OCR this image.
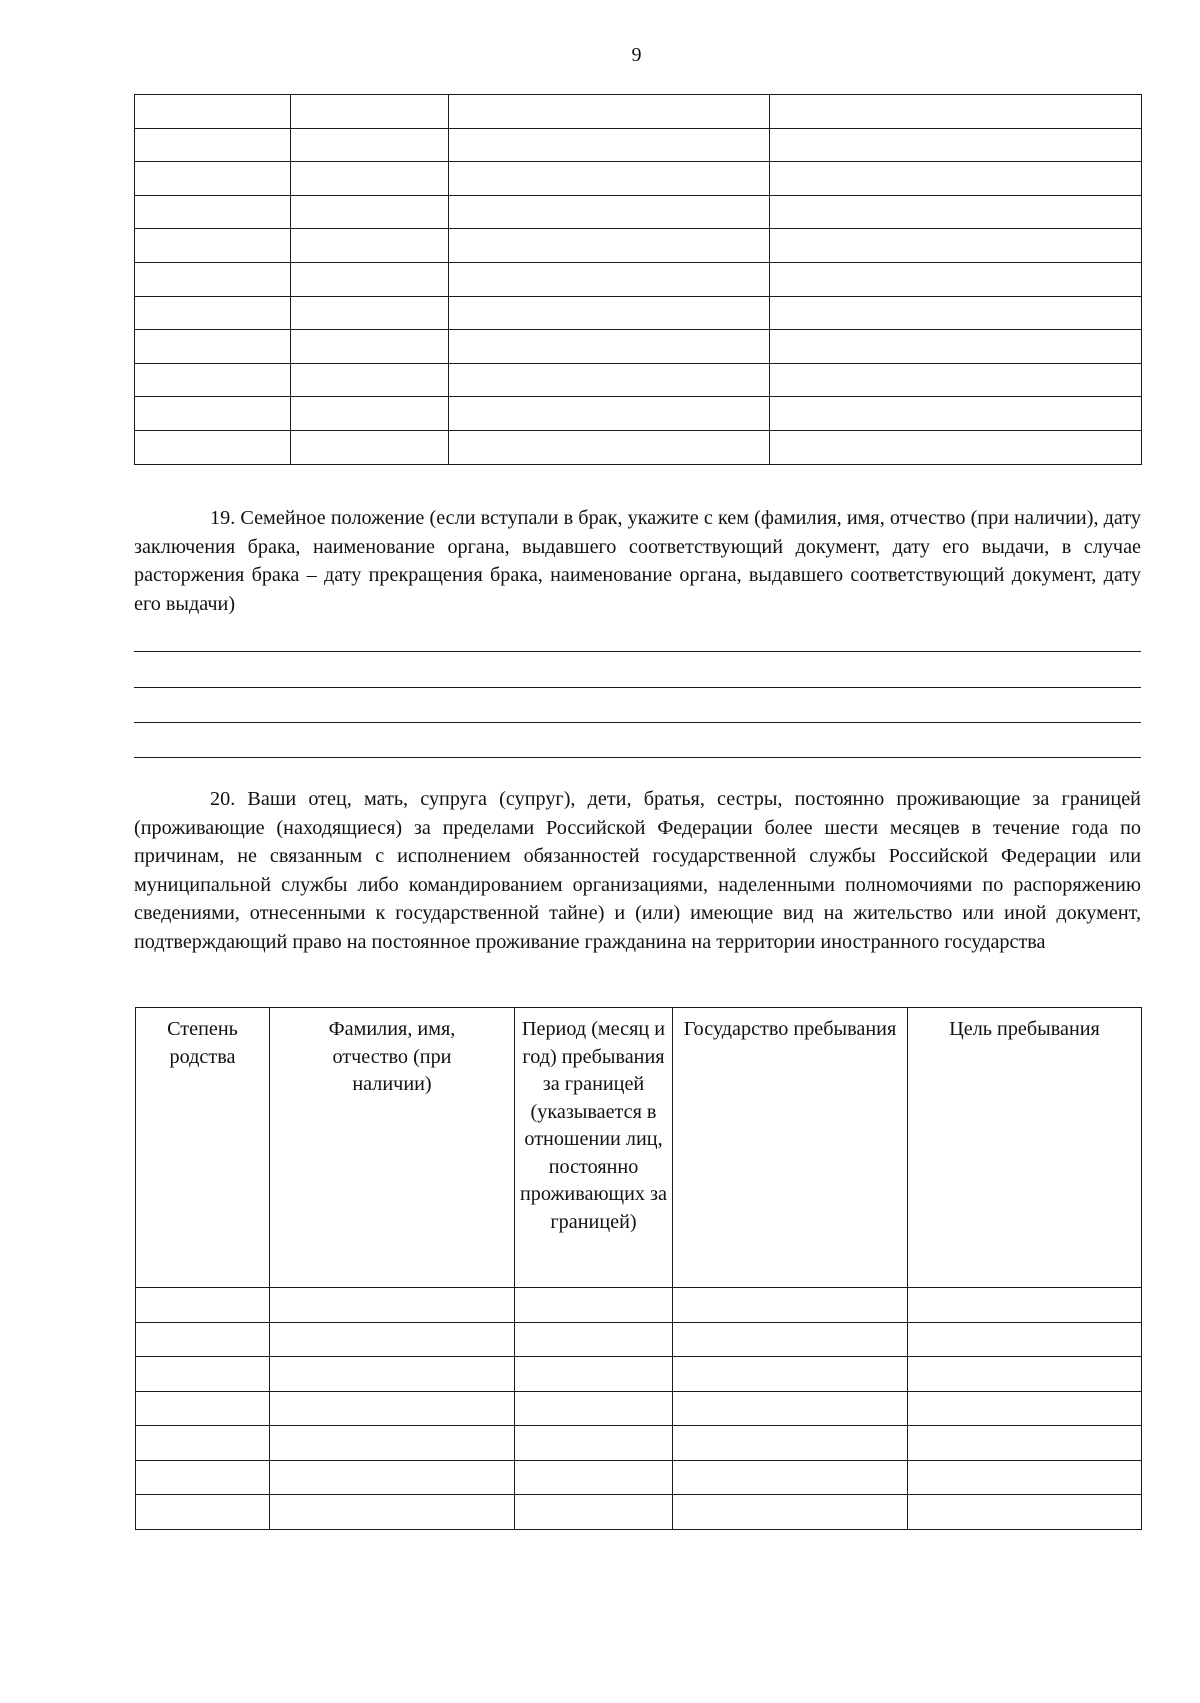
9

19. Семейное положение (если вступали в брак, укажите с кем (фамилия, имя, отчество (при наличии), дату заключения брака, наименование органа, выдавшего соответствующий документ, дату его выдачи, в случае расторжения брака – дату прекращения брака, наименование органа, выдавшего соответствующий документ, дату его выдачи)

20. Ваши отец, мать, супруга (супруг), дети, братья, сестры, постоянно проживающие за границей (проживающие (находящиеся) за пределами Российской Федерации более шести месяцев в течение года по причинам, не связанным с исполнением обязанностей государственной службы Российской Федерации или муниципальной службы либо командированием организациями, наделенными полномочиями по распоряжению сведениями, отнесенными к государственной тайне) и (или) имеющие вид на жительство или иной документ, подтверждающий право на постоянное проживание гражданина на территории иностранного государства

Степень родства	Фамилия, имя, отчество (при наличии)	Период (месяц и год) пребывания за границей (указывается в отношении лиц, постоянно проживающих за границей)	Государство пребывания	Цель пребывания
